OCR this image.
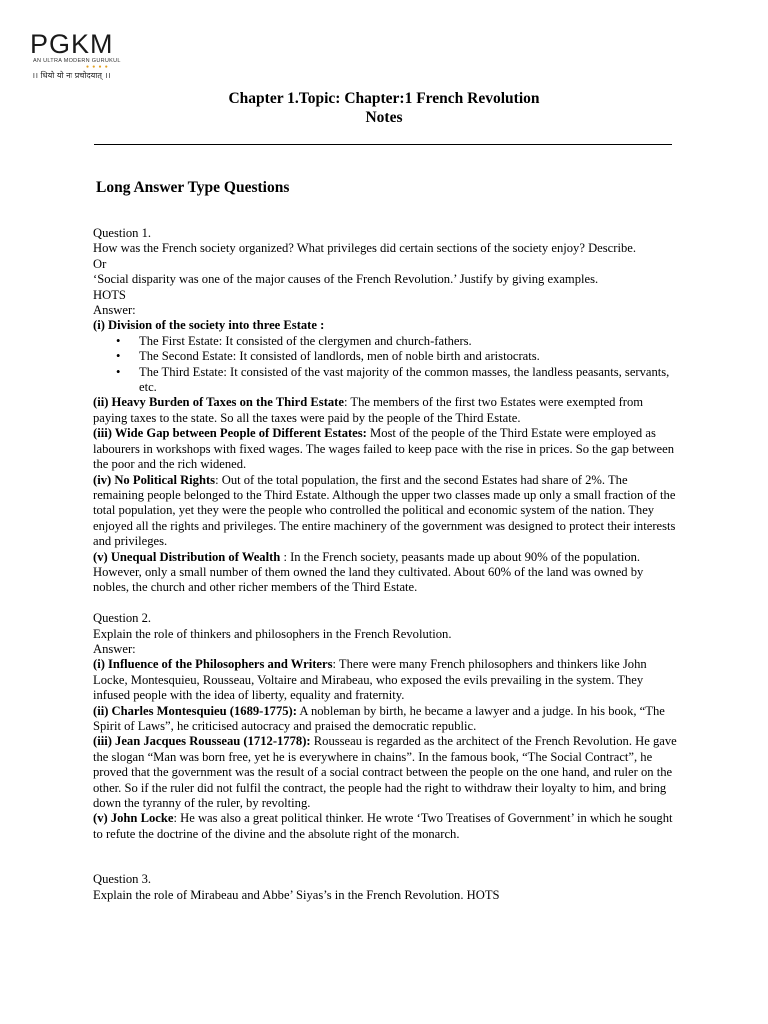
PGKM
AN ULTRA MODERN GURUKUL
● ● ● ●
।। धियो यो नः प्रचोदयात् ।।
Chapter 1.Topic: Chapter:1 French Revolution
Notes
Long Answer Type Questions

Question 1.

How was the French society organized? What privileges did certain sections of the society enjoy? Describe.

Or

‘Social disparity was one of the major causes of the French Revolution.’ Justify by giving examples.

HOTS

Answer:

(i) Division of the society into three Estate :

• The First Estate: It consisted of the clergymen and church-fathers.
• The Second Estate: It consisted of landlords, men of noble birth and aristocrats.
• The Third Estate: It consisted of the vast majority of the common masses, the landless peasants, servants, etc.

(ii) Heavy Burden of Taxes on the Third Estate: The members of the first two Estates were exempted from paying taxes to the state. So all the taxes were paid by the people of the Third Estate.

(iii) Wide Gap between People of Different Estates: Most of the people of the Third Estate were employed as labourers in workshops with fixed wages. The wages failed to keep pace with the rise in prices. So the gap between the poor and the rich widened.

(iv) No Political Rights: Out of the total population, the first and the second Estates had share of 2%. The remaining people belonged to the Third Estate. Although the upper two classes made up only a small fraction of the total population, yet they were the people who controlled the political and economic system of the nation. They enjoyed all the rights and privileges. The entire machinery of the government was designed to protect their interests and privileges.

(v) Unequal Distribution of Wealth : In the French society, peasants made up about 90% of the population. However, only a small number of them owned the land they cultivated. About 60% of the land was owned by nobles, the church and other richer members of the Third Estate.

Question 2.

Explain the role of thinkers and philosophers in the French Revolution.

Answer:

(i) Influence of the Philosophers and Writers: There were many French philosophers and thinkers like John Locke, Montesquieu, Rousseau, Voltaire and Mirabeau, who exposed the evils prevailing in the system. They infused people with the idea of liberty, equality and fraternity.

(ii) Charles Montesquieu (1689-1775): A nobleman by birth, he became a lawyer and a judge. In his book, “The Spirit of Laws”, he criticised autocracy and praised the democratic republic.

(iii) Jean Jacques Rousseau (1712-1778): Rousseau is regarded as the architect of the French Revolution. He gave the slogan “Man was born free, yet he is everywhere in chains”. In the famous book, “The Social Contract”, he proved that the government was the result of a social contract between the people on the one hand, and ruler on the other. So if the ruler did not fulfil the contract, the people had the right to withdraw their loyalty to him, and bring down the tyranny of the ruler, by revolting.

(v) John Locke: He was also a great political thinker. He wrote ‘Two Treatises of Government’ in which he sought to refute the doctrine of the divine and the absolute right of the monarch.

Question 3.

Explain the role of Mirabeau and Abbe’ Siyas’s in the French Revolution. HOTS
